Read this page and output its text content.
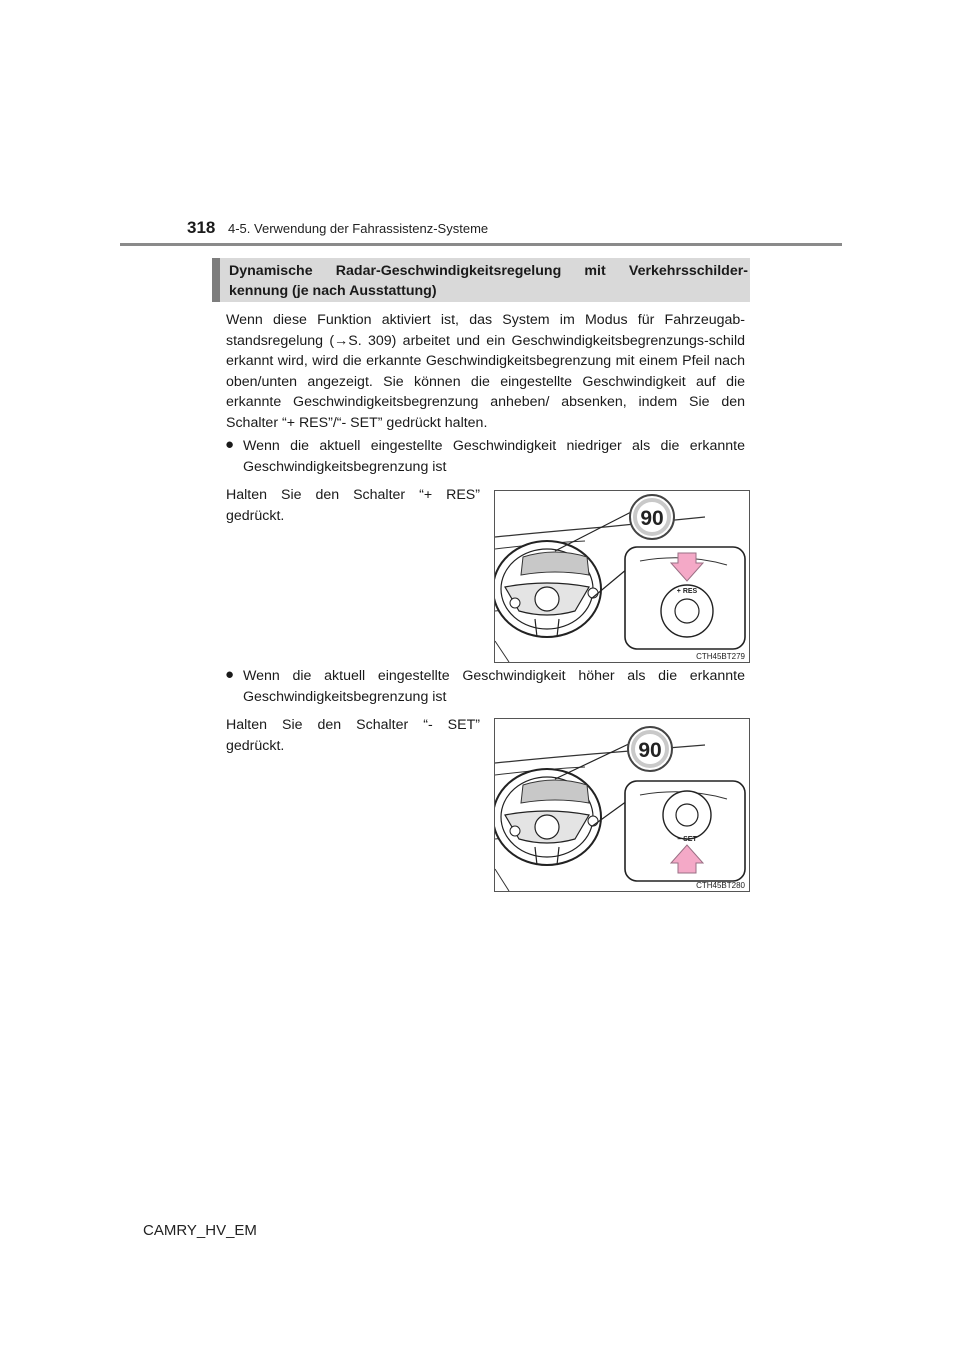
318 4-5. Verwendung der Fahrassistenz-Systeme
Dynamische Radar-Geschwindigkeitsregelung mit Verkehrsschilder-kennung (je nach Ausstattung)
Wenn diese Funktion aktiviert ist, das System im Modus für Fahrzeugab-standsregelung (→S. 309) arbeitet und ein Geschwindigkeitsbegrenzungs-schild erkannt wird, wird die erkannte Geschwindigkeitsbegrenzung mit einem Pfeil nach oben/unten angezeigt. Sie können die eingestellte Geschwindigkeit auf die erkannte Geschwindigkeitsbegrenzung anheben/ absenken, indem Sie den Schalter “+ RES”/“- SET” gedrückt halten.
● Wenn die aktuell eingestellte Geschwindigkeit niedriger als die erkannte Geschwindigkeitsbegrenzung ist
Halten Sie den Schalter “+ RES” gedrückt.	90
+ RES
CTH45BT279
● Wenn die aktuell eingestellte Geschwindigkeit höher als die erkannte Geschwindigkeitsbegrenzung ist
Halten Sie den Schalter “- SET” gedrückt.	90
– SET
CTH45BT280
CAMRY_HV_EM
